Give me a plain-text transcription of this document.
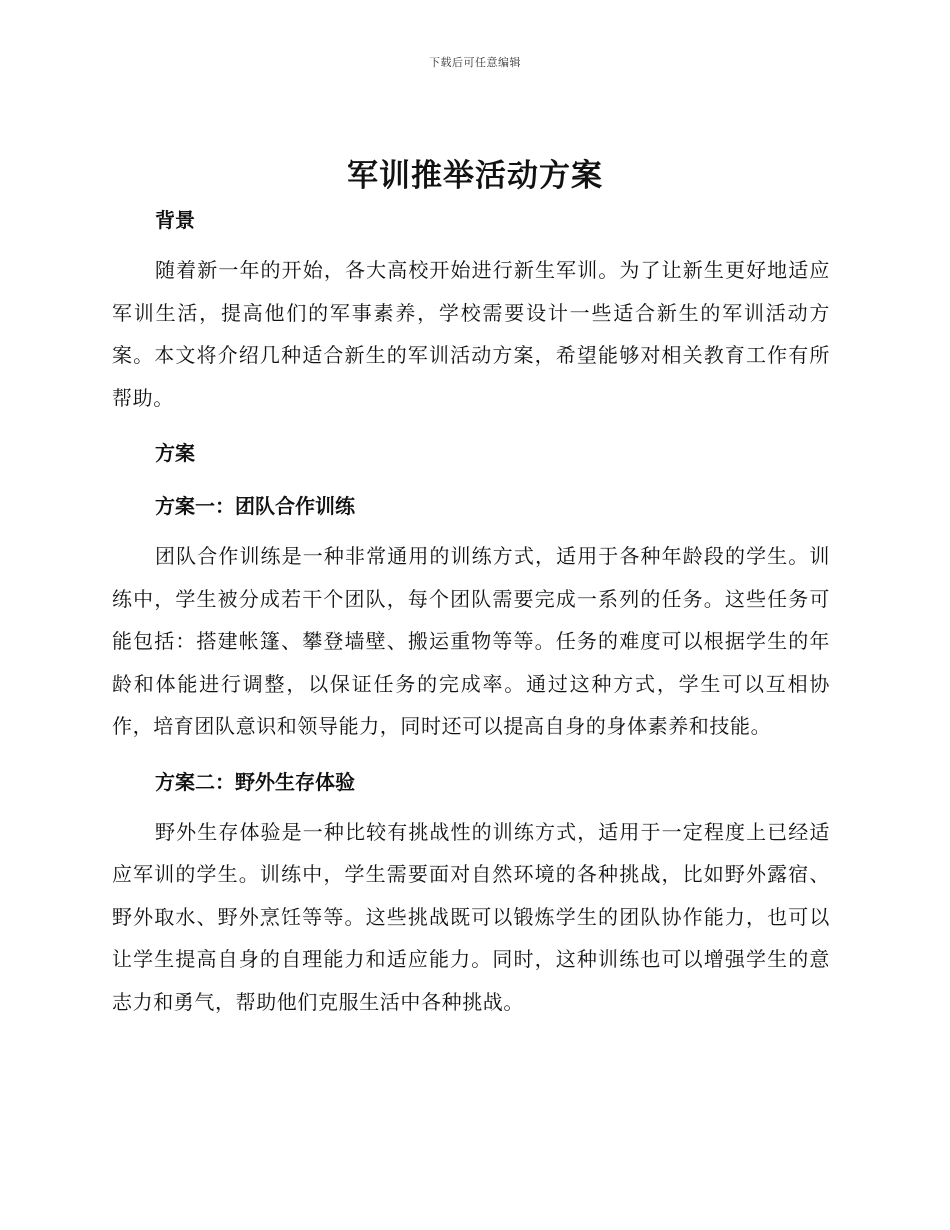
下载后可任意编辑
军训推举活动方案
背景

随着新一年的开始，各大高校开始进行新生军训。为了让新生更好地适应军训生活，提高他们的军事素养，学校需要设计一些适合新生的军训活动方案。本文将介绍几种适合新生的军训活动方案，希望能够对相关教育工作有所帮助。

方案
方案一：团队合作训练

团队合作训练是一种非常通用的训练方式，适用于各种年龄段的学生。训练中，学生被分成若干个团队，每个团队需要完成一系列的任务。这些任务可能包括：搭建帐篷、攀登墙壁、搬运重物等等。任务的难度可以根据学生的年龄和体能进行调整，以保证任务的完成率。通过这种方式，学生可以互相协作，培育团队意识和领导能力，同时还可以提高自身的身体素养和技能。

方案二：野外生存体验

野外生存体验是一种比较有挑战性的训练方式，适用于一定程度上已经适应军训的学生。训练中，学生需要面对自然环境的各种挑战，比如野外露宿、野外取水、野外烹饪等等。这些挑战既可以锻炼学生的团队协作能力，也可以让学生提高自身的自理能力和适应能力。同时，这种训练也可以增强学生的意志力和勇气，帮助他们克服生活中各种挑战。
